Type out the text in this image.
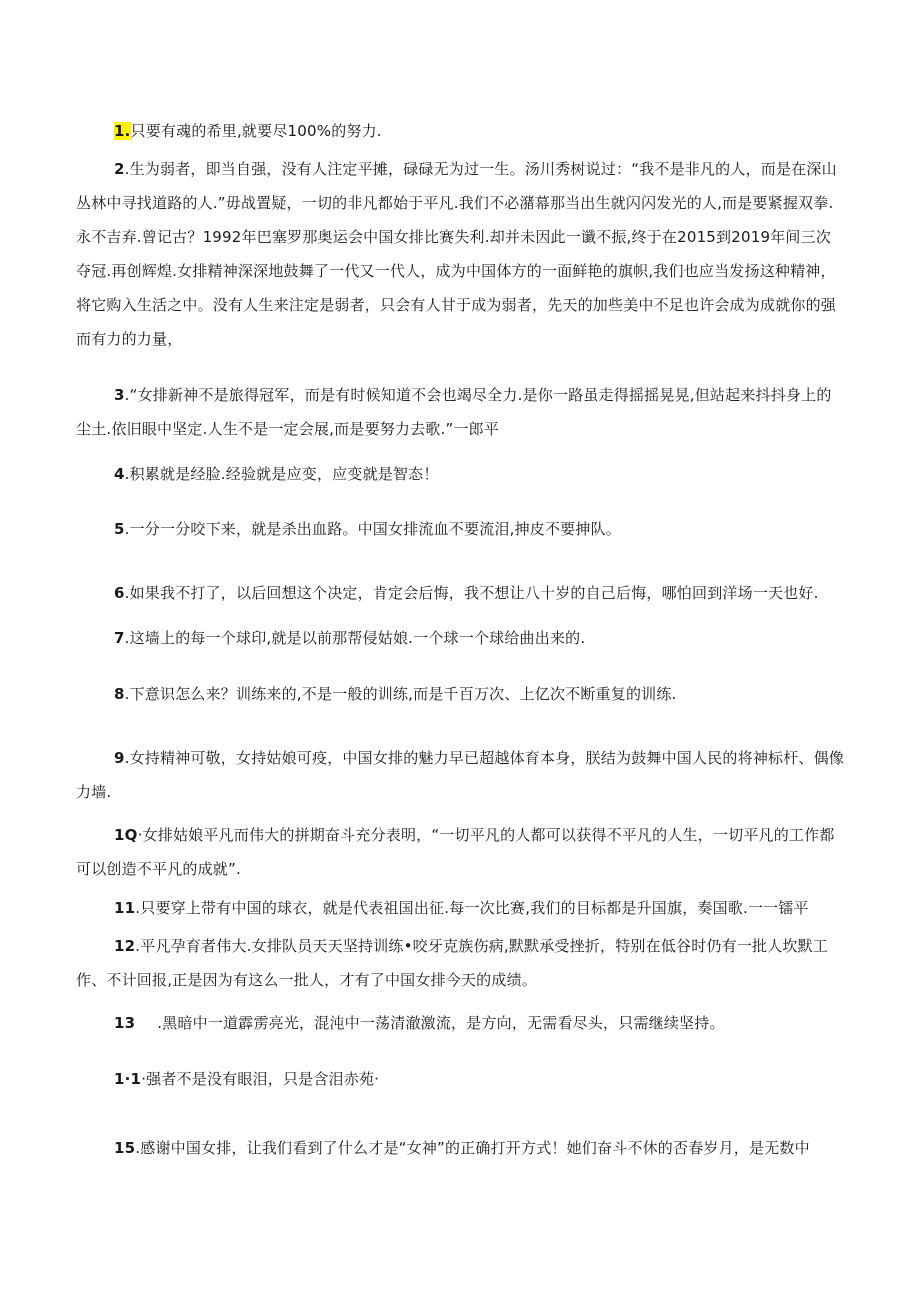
1.只要有魂的希里,就要尽100%的努力.

2.生为弱者，即当自强，没有人注定平摊，碌碌无为过一生。汤川秀树说过：“我不是非凡的人，而是在深山丛林中寻找道路的人.”毋战置疑，一切的非凡都始于平凡.我们不必潴幕那当出生就闪闪发光的人,而是要紧握双拳.永不吉弃.曾记古？1992年巴塞罗那奥运会中国女排比赛失利.却并未因此一谶不振,终于在2015到2019年间三次夺冠.再创辉煌.女排精神深深地鼓舞了一代又一代人，成为中国体方的一面鲜艳的旗帜,我们也应当发扬这种精神，将它购入生活之中。没有人生来注定是弱者，只会有人甘于成为弱者，先天的加些美中不足也许会成为成就你的强而有力的力量，

3.“女排新神不是旅得冠军，而是有时候知道不会也竭尽全力.是你一路虽走得摇摇晃晃,但站起来抖抖身上的尘土.依旧眼中坚定.人生不是一定会展,而是要努力去歌.”一郎平

4.积累就是经脸.经验就是应变，应变就是智态！

5.一分一分咬下来，就是杀出血路。中国女排流血不要流泪,抻皮不要抻队。

6.如果我不打了，以后回想这个决定，肯定会后悔，我不想让八十岁的自己后悔，哪怕回到洋场一天也好.

7.这墙上的每一个球印,就是以前那帮侵姑娘.一个球一个球给曲出来的.

8.下意识怎么来？训练来的,不是一般的训练,而是千百万次、上亿次不断重复的训练.

9.女持精神可敬，女持姑娘可疫，中国女排的魅力早已超越体育本身，朕结为鼓舞中国人民的将神标杆、偶像力墙.

1Q·女排姑娘平凡而伟大的拼期奋斗充分表明，“一切平凡的人都可以获得不平凡的人生，一切平凡的工作都可以创造不平凡的成就”.

11.只要穿上带有中国的球衣，就是代表祖国出征.每一次比赛,我们的目标都是升国旗，奏国歌.一一镭平

12.平凡孕育者伟大.女排队员天天坚持训练•咬牙克族伤病,默默承受挫折，特别在低谷时仍有一批人坎默工作、不计回报,正是因为有这么一批人，才有了中国女排今天的成绩。

13 .黑暗中一道霹雳亮光，混沌中一荡清澈激流，是方向，无需看尽头，只需继续坚持。

1·1·强者不是没有眼泪，只是含泪赤苑·

15.感谢中国女排，让我们看到了什么才是“女神”的正确打开方式！她们奋斗不休的否春岁月，是无数中
